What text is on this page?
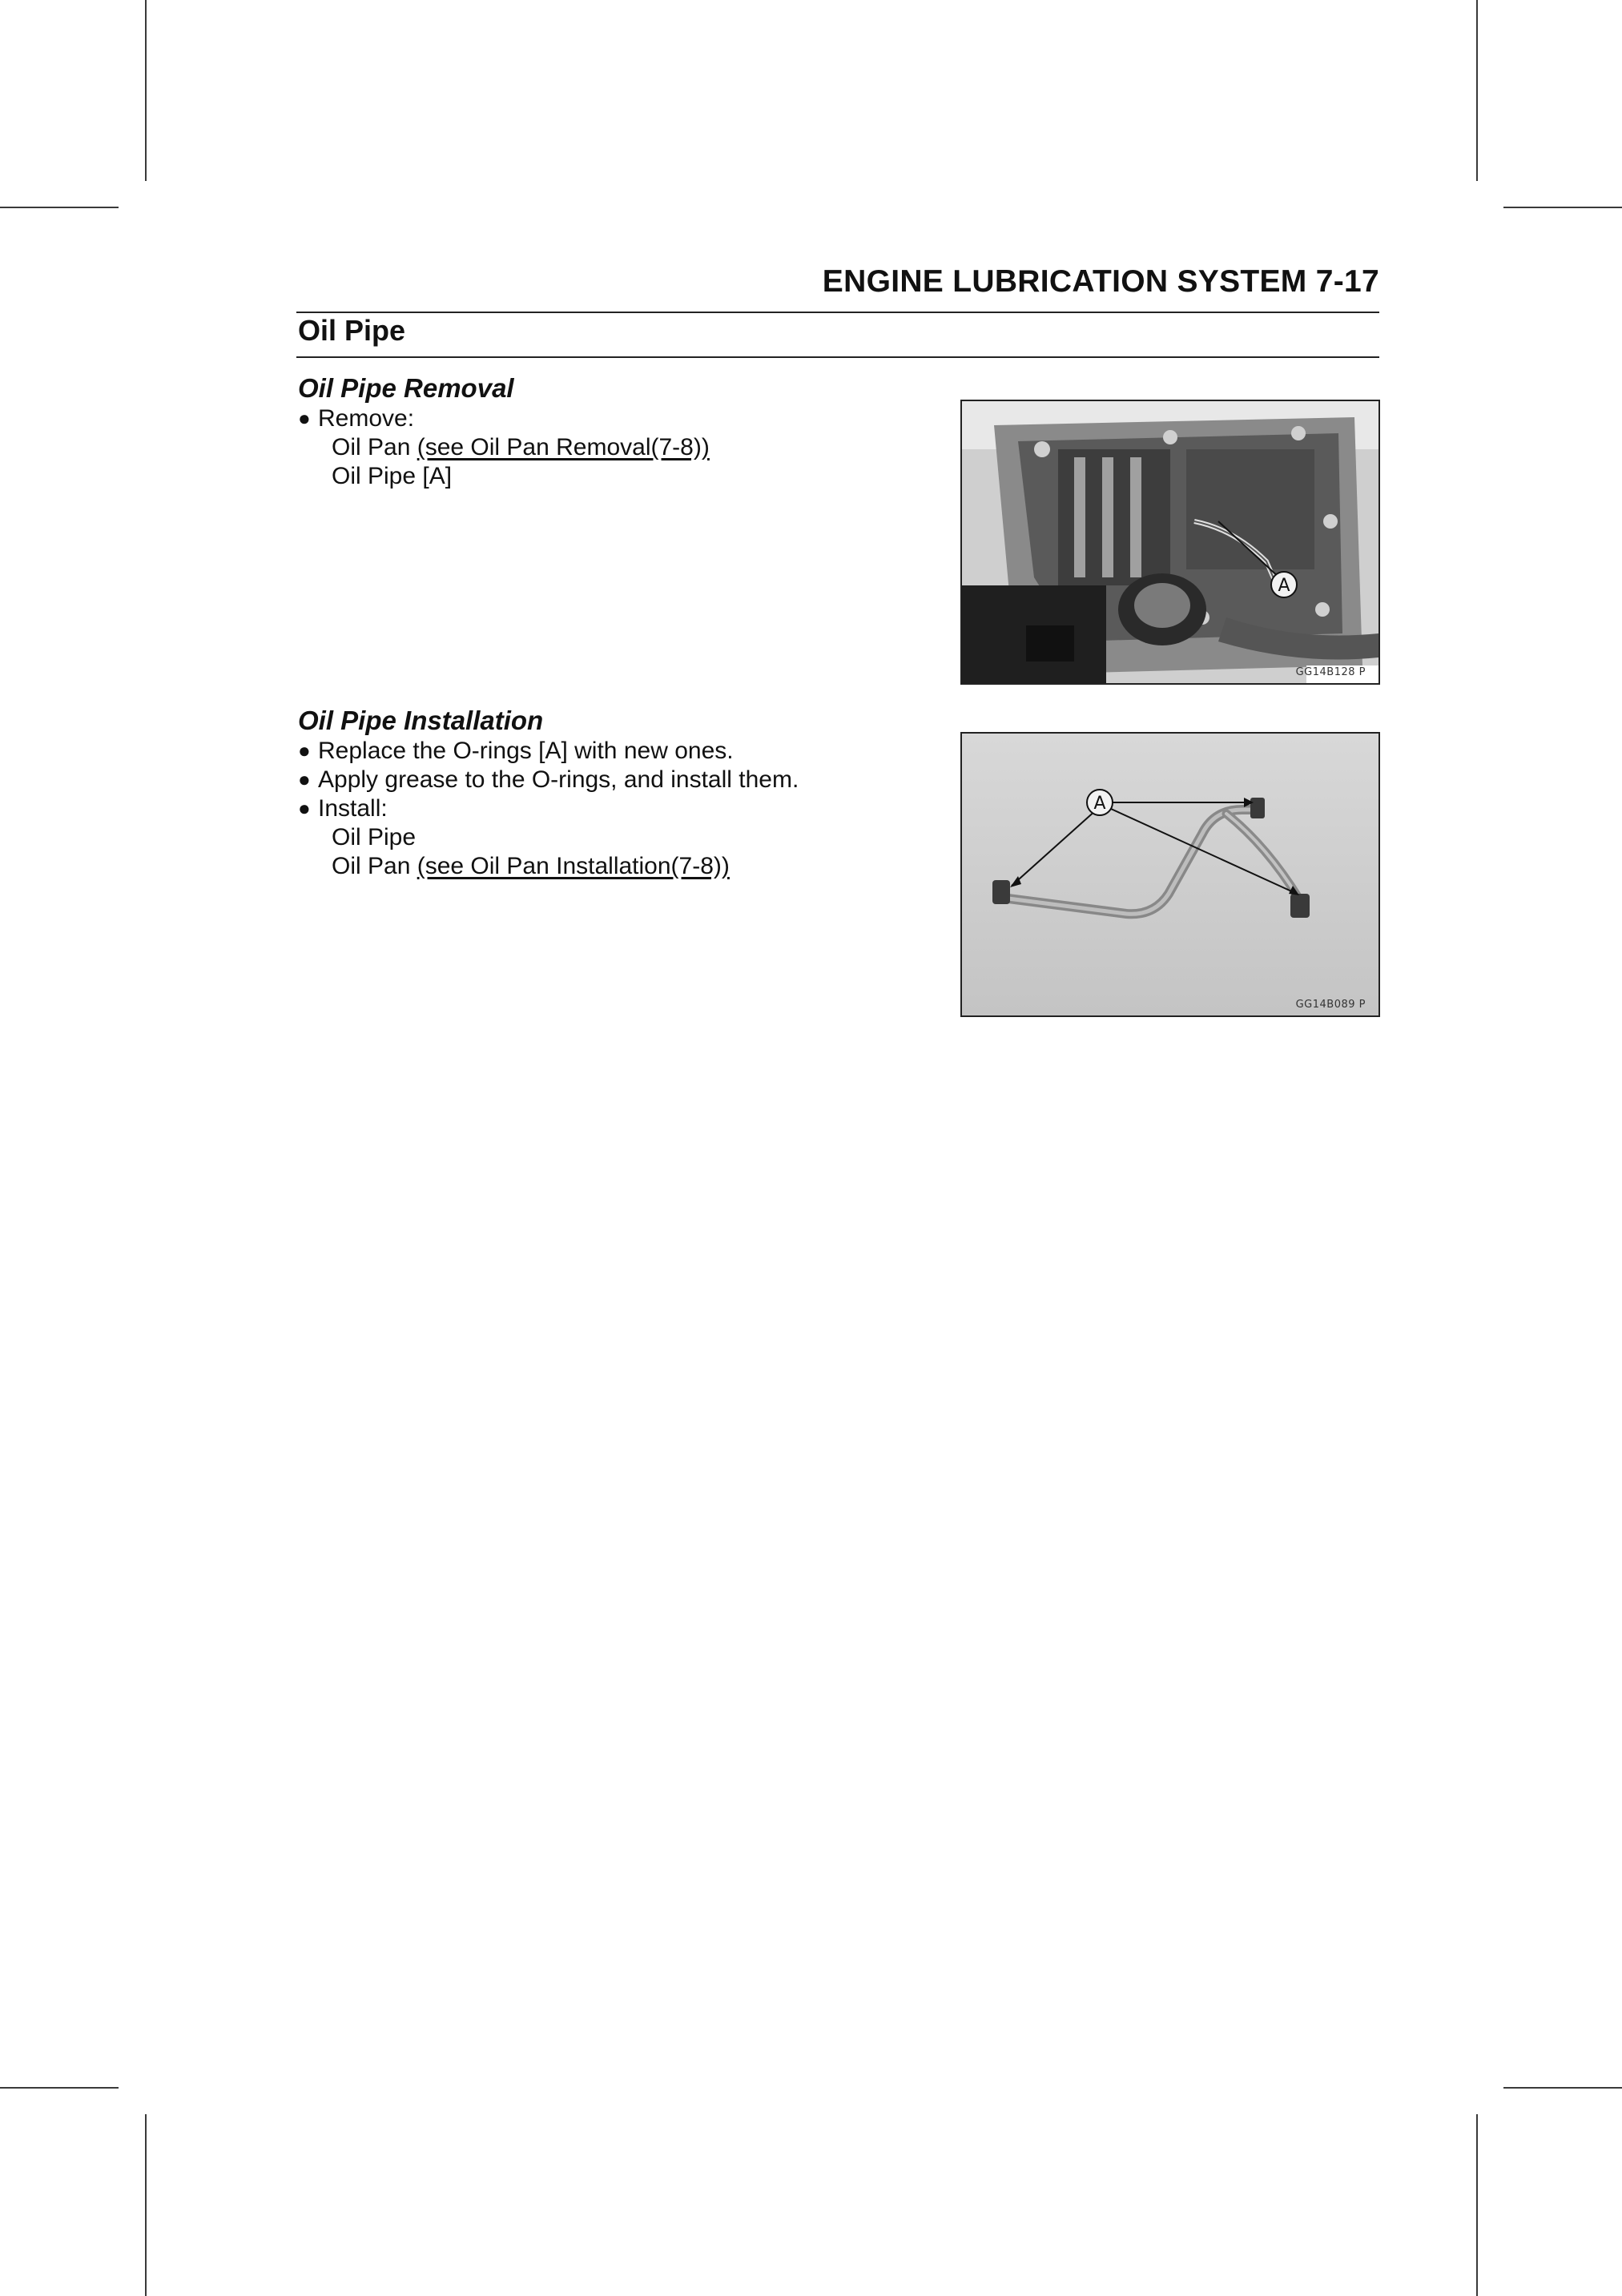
ENGINE LUBRICATION SYSTEM 7-17
Oil Pipe
Oil Pipe Removal
● Remove:
Oil Pan (see Oil Pan Removal(7-8))
Oil Pipe [A]
A
GG14B128 P
Oil Pipe Installation
● Replace the O-rings [A] with new ones.
● Apply grease to the O-rings, and install them.
● Install:
Oil Pipe
Oil Pan (see Oil Pan Installation(7-8))
A
GG14B089 P
